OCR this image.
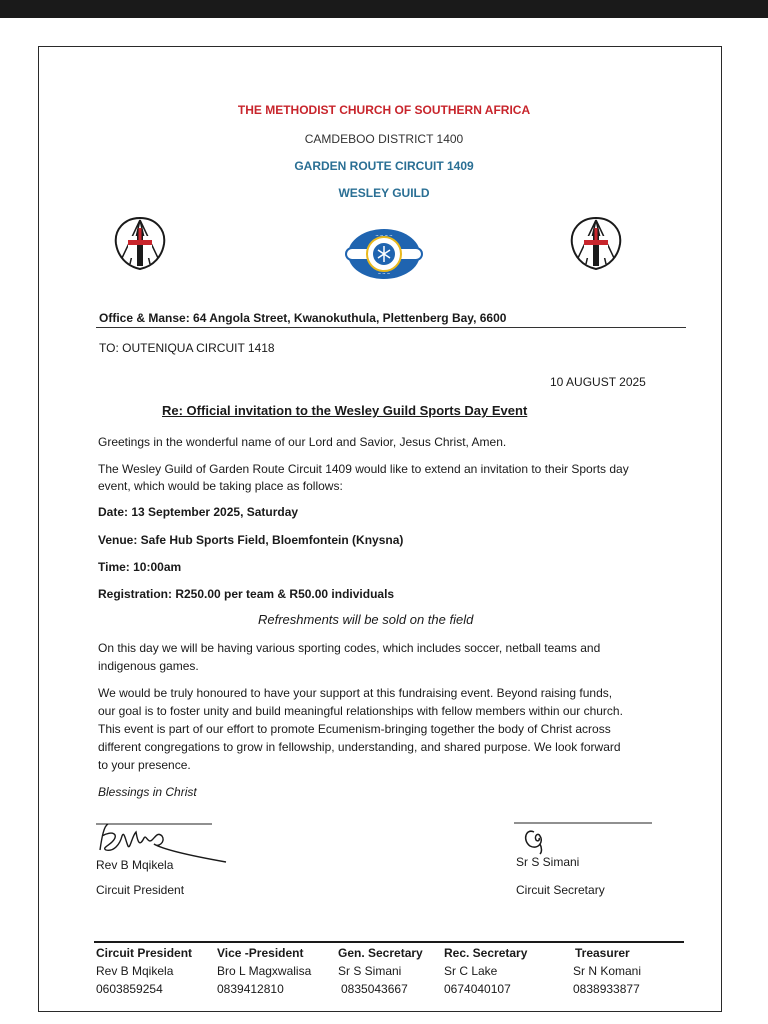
THE METHODIST CHURCH OF SOUTHERN AFRICA
CAMDEBOO DISTRICT 1400
GARDEN ROUTE CIRCUIT 1409
WESLEY GUILD
~ ~ ~ ~
~ ~ ~
Office & Manse: 64 Angola Street, Kwanokuthula, Plettenberg Bay, 6600
TO: OUTENIQUA CIRCUIT 1418
10 AUGUST 2025
Re: Official invitation to the Wesley Guild Sports Day Event
Greetings in the wonderful name of our Lord and Savior, Jesus Christ, Amen.
The Wesley Guild of Garden Route Circuit 1409 would like to extend an invitation to their Sports day
event, which would be taking place as follows:
Date: 13 September 2025, Saturday
Venue: Safe Hub Sports Field, Bloemfontein (Knysna)
Time: 10:00am
Registration: R250.00 per team & R50.00 individuals
Refreshments will be sold on the field
On this day we will be having various sporting codes, which includes soccer, netball teams and
indigenous games.
We would be truly honoured to have your support at this fundraising event. Beyond raising funds,
our goal is to foster unity and build meaningful relationships with fellow members within our church.
This event is part of our effort to promote Ecumenism-bringing together the body of Christ across
different congregations to grow in fellowship, understanding, and shared purpose. We look forward
to your presence.
Blessings in Christ
Rev B Mqikela
Circuit President
Sr S Simani
Circuit Secretary
Circuit President
Rev B Mqikela
0603859254
Vice -President
Bro L Magxwalisa
0839412810
Gen. Secretary
Sr S Simani
0835043667
Rec. Secretary
Sr C Lake
0674040107
Treasurer
Sr N Komani
0838933877
